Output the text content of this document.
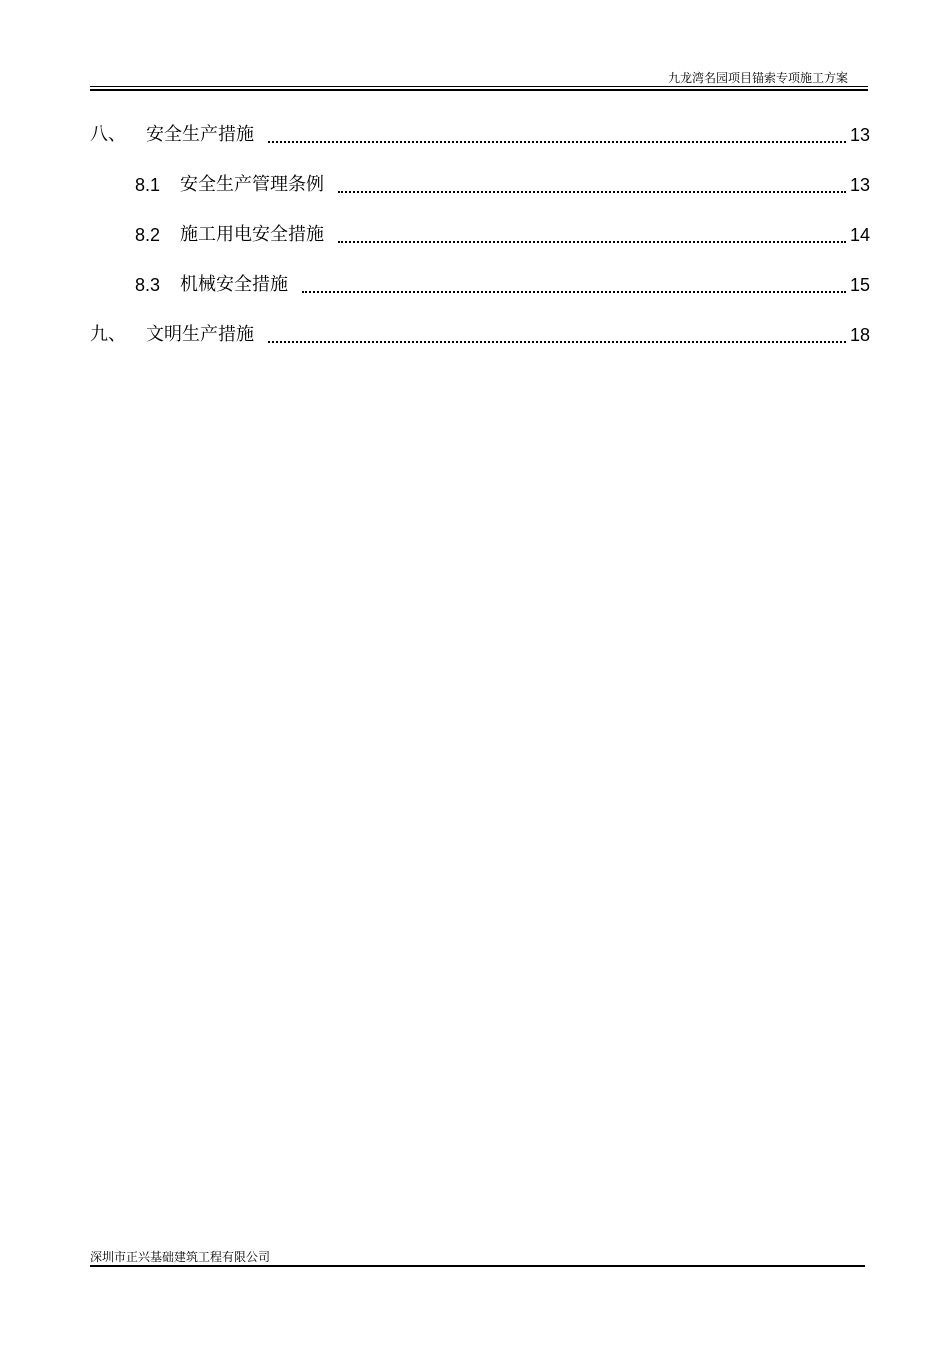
九龙湾名园项目锚索专项施工方案
八、	安全生产措施	13
8.1	安全生产管理条例	13
8.2	施工用电安全措施	14
8.3	机械安全措施	15
九、	文明生产措施	18
深圳市正兴基础建筑工程有限公司
